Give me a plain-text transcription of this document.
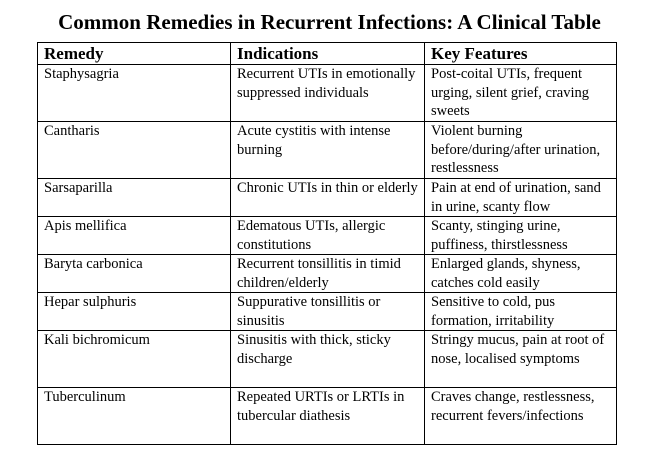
Common Remedies in Recurrent Infections: A Clinical Table
Remedy	Indications	Key Features
Staphysagria	Recurrent UTIs in emotionally suppressed individuals	Post-coital UTIs, frequent urging, silent grief, craving sweets
Cantharis	Acute cystitis with intense burning	Violent burning before/during/after urination, restlessness
Sarsaparilla	Chronic UTIs in thin or elderly	Pain at end of urination, sand in urine, scanty flow
Apis mellifica	Edematous UTIs, allergic constitutions	Scanty, stinging urine, puffiness, thirstlessness
Baryta carbonica	Recurrent tonsillitis in timid children/elderly	Enlarged glands, shyness, catches cold easily
Hepar sulphuris	Suppurative tonsillitis or sinusitis	Sensitive to cold, pus formation, irritability
Kali bichromicum	Sinusitis with thick, sticky discharge	Stringy mucus, pain at root of nose, localised symptoms
Tuberculinum	Repeated URTIs or LRTIs in tubercular diathesis	Craves change, restlessness, recurrent fevers/infections
